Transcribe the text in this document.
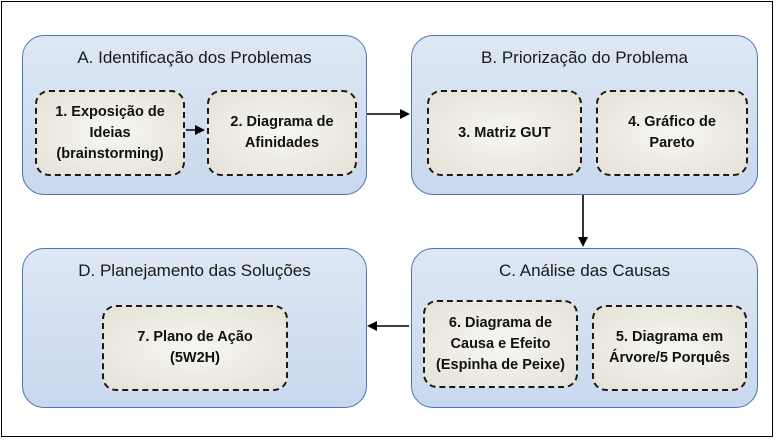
A. Identificação dos Problemas
1. Exposição de
Ideias
(brainstorming)
2. Diagrama de
Afinidades
B. Priorização do Problema
3. Matriz GUT
4. Gráfico de
Pareto
C. Análise das Causas
6. Diagrama de
Causa e Efeito
(Espinha de Peixe)
5. Diagrama em
Árvore/5 Porquês
D. Planejamento das Soluções
7. Plano de Ação
(5W2H)
